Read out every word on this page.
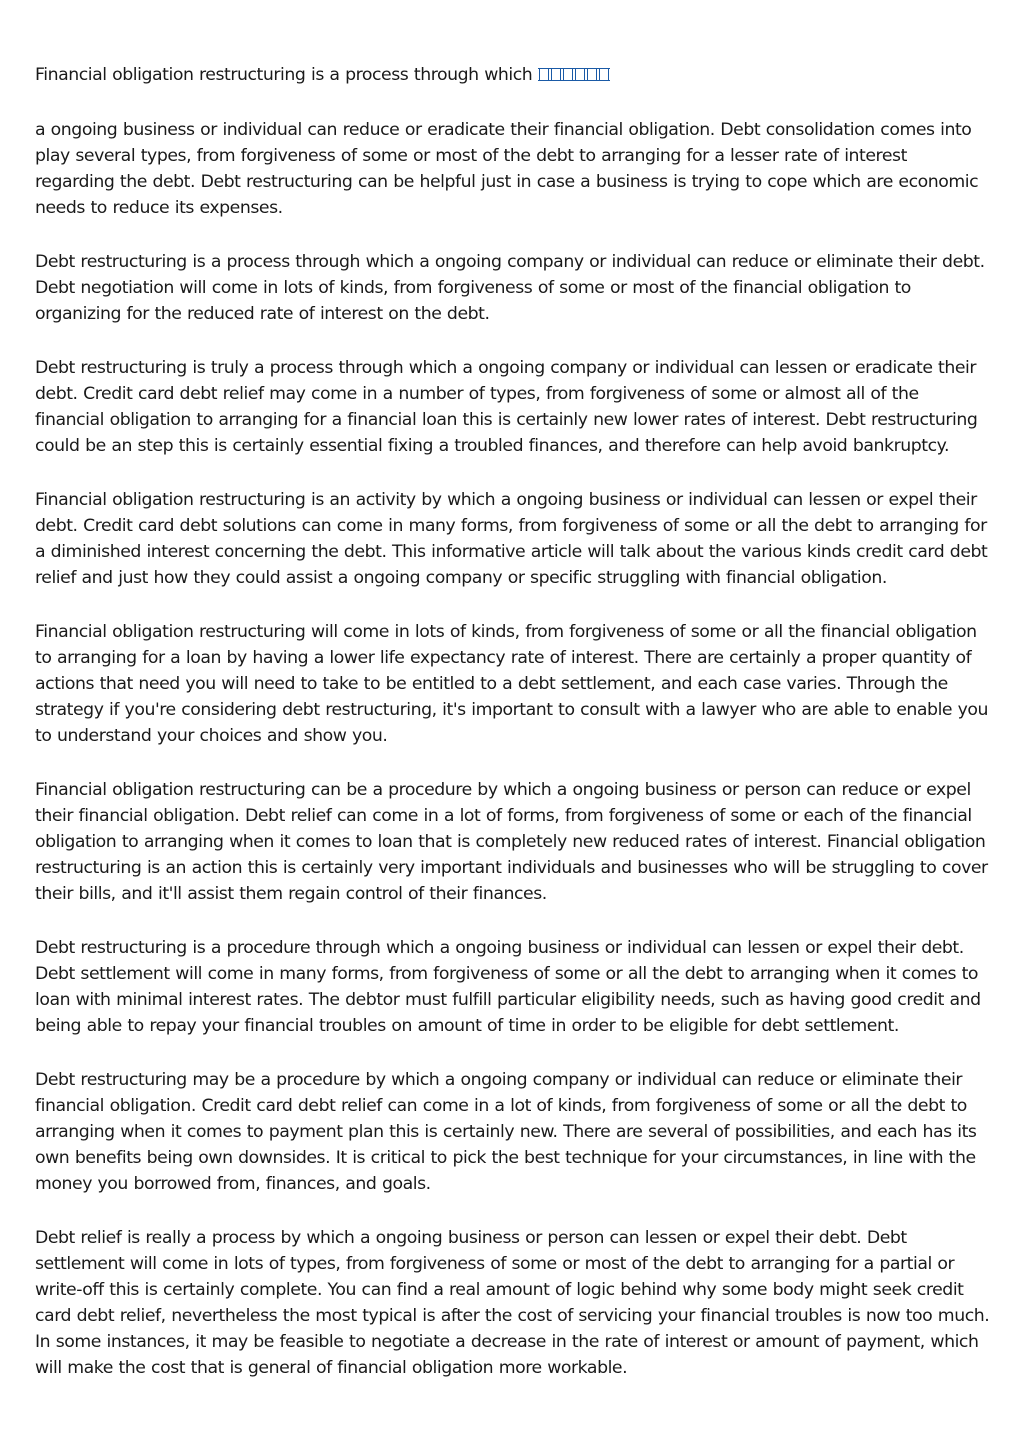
Financial obligation restructuring is a process through which

a ongoing business or individual can reduce or eradicate their financial obligation. Debt consolidation comes into play several types, from forgiveness of some or most of the debt to arranging for a lesser rate of interest regarding the debt. Debt restructuring can be helpful just in case a business is trying to cope which are economic needs to reduce its expenses.

Debt restructuring is a process through which a ongoing company or individual can reduce or eliminate their debt. Debt negotiation will come in lots of kinds, from forgiveness of some or most of the financial obligation to organizing for the reduced rate of interest on the debt.

Debt restructuring is truly a process through which a ongoing company or individual can lessen or eradicate their debt. Credit card debt relief may come in a number of types, from forgiveness of some or almost all of the financial obligation to arranging for a financial loan this is certainly new lower rates of interest. Debt restructuring could be an step this is certainly essential fixing a troubled finances, and therefore can help avoid bankruptcy.

Financial obligation restructuring is an activity by which a ongoing business or individual can lessen or expel their debt. Credit card debt solutions can come in many forms, from forgiveness of some or all the debt to arranging for a diminished interest concerning the debt. This informative article will talk about the various kinds credit card debt relief and just how they could assist a ongoing company or specific struggling with financial obligation.

Financial obligation restructuring will come in lots of kinds, from forgiveness of some or all the financial obligation to arranging for a loan by having a lower life expectancy rate of interest. There are certainly a proper quantity of actions that need you will need to take to be entitled to a debt settlement, and each case varies. Through the strategy if you're considering debt restructuring, it's important to consult with a lawyer who are able to enable you to understand your choices and show you.

Financial obligation restructuring can be a procedure by which a ongoing business or person can reduce or expel their financial obligation. Debt relief can come in a lot of forms, from forgiveness of some or each of the financial obligation to arranging when it comes to loan that is completely new reduced rates of interest. Financial obligation restructuring is an action this is certainly very important individuals and businesses who will be struggling to cover their bills, and it'll assist them regain control of their finances.

Debt restructuring is a procedure through which a ongoing business or individual can lessen or expel their debt. Debt settlement will come in many forms, from forgiveness of some or all the debt to arranging when it comes to loan with minimal interest rates. The debtor must fulfill particular eligibility needs, such as having good credit and being able to repay your financial troubles on amount of time in order to be eligible for debt settlement.

Debt restructuring may be a procedure by which a ongoing company or individual can reduce or eliminate their financial obligation. Credit card debt relief can come in a lot of kinds, from forgiveness of some or all the debt to arranging when it comes to payment plan this is certainly new. There are several of possibilities, and each has its own benefits being own downsides. It is critical to pick the best technique for your circumstances, in line with the money you borrowed from, finances, and goals.

Debt relief is really a process by which a ongoing business or person can lessen or expel their debt. Debt settlement will come in lots of types, from forgiveness of some or most of the debt to arranging for a partial or write-off this is certainly complete. You can find a real amount of logic behind why some body might seek credit card debt relief, nevertheless the most typical is after the cost of servicing your financial troubles is now too much. In some instances, it may be feasible to negotiate a decrease in the rate of interest or amount of payment, which will make the cost that is general of financial obligation more workable.
